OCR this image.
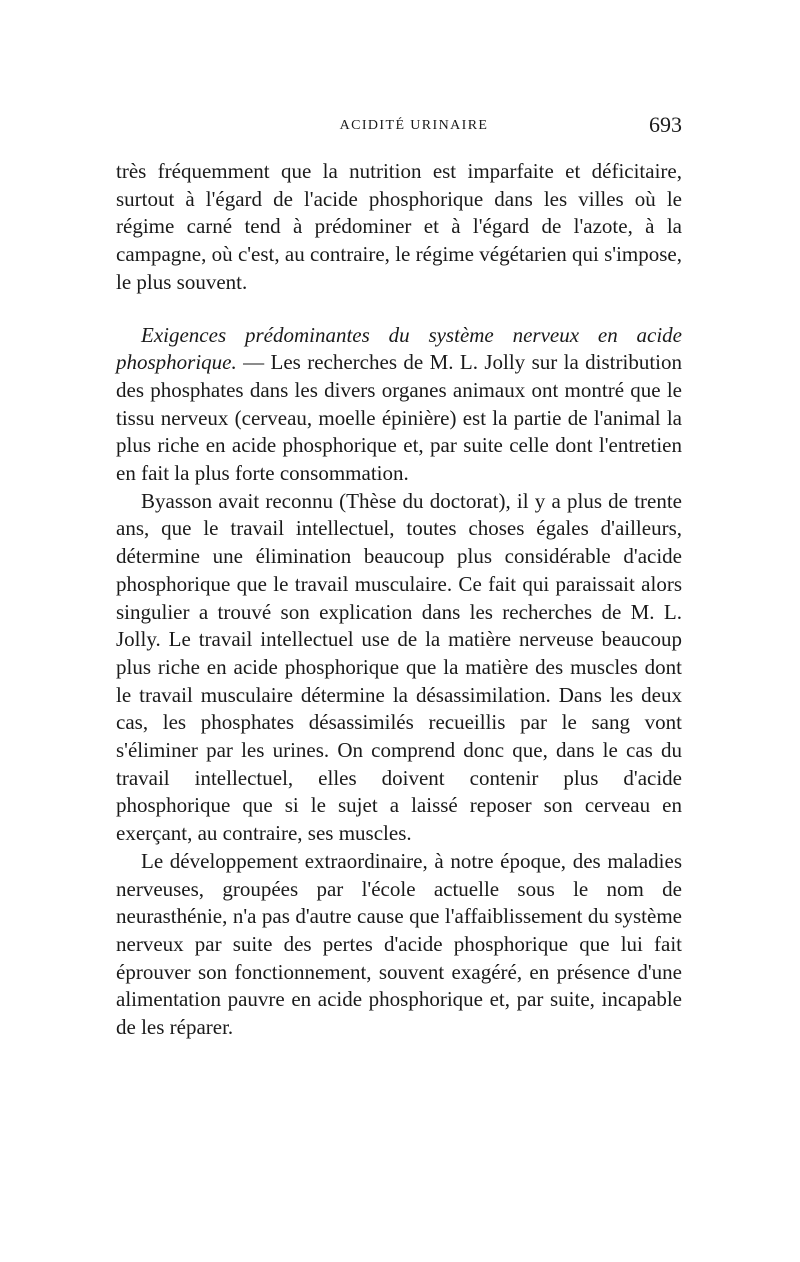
ACIDITÉ URINAIRE	693

très fréquemment que la nutrition est imparfaite et déficitaire, surtout à l'égard de l'acide phosphorique dans les villes où le régime carné tend à prédominer et à l'égard de l'azote, à la campagne, où c'est, au contraire, le régime végétarien qui s'impose, le plus souvent.

Exigences prédominantes du système nerveux en acide phosphorique. — Les recherches de M. L. Jolly sur la distribution des phosphates dans les divers organes animaux ont montré que le tissu nerveux (cerveau, moelle épinière) est la partie de l'animal la plus riche en acide phosphorique et, par suite celle dont l'entretien en fait la plus forte consommation.

Byasson avait reconnu (Thèse du doctorat), il y a plus de trente ans, que le travail intellectuel, toutes choses égales d'ailleurs, détermine une élimination beaucoup plus considérable d'acide phosphorique que le travail musculaire. Ce fait qui paraissait alors singulier a trouvé son explication dans les recherches de M. L. Jolly. Le travail intellectuel use de la matière nerveuse beaucoup plus riche en acide phosphorique que la matière des muscles dont le travail musculaire détermine la désassimilation. Dans les deux cas, les phosphates désassimilés recueillis par le sang vont s'éliminer par les urines. On comprend donc que, dans le cas du travail intellectuel, elles doivent contenir plus d'acide phosphorique que si le sujet a laissé reposer son cerveau en exerçant, au contraire, ses muscles.

Le développement extraordinaire, à notre époque, des maladies nerveuses, groupées par l'école actuelle sous le nom de neurasthénie, n'a pas d'autre cause que l'affaiblissement du système nerveux par suite des pertes d'acide phosphorique que lui fait éprouver son fonctionnement, souvent exagéré, en présence d'une alimentation pauvre en acide phosphorique et, par suite, incapable de les réparer.
